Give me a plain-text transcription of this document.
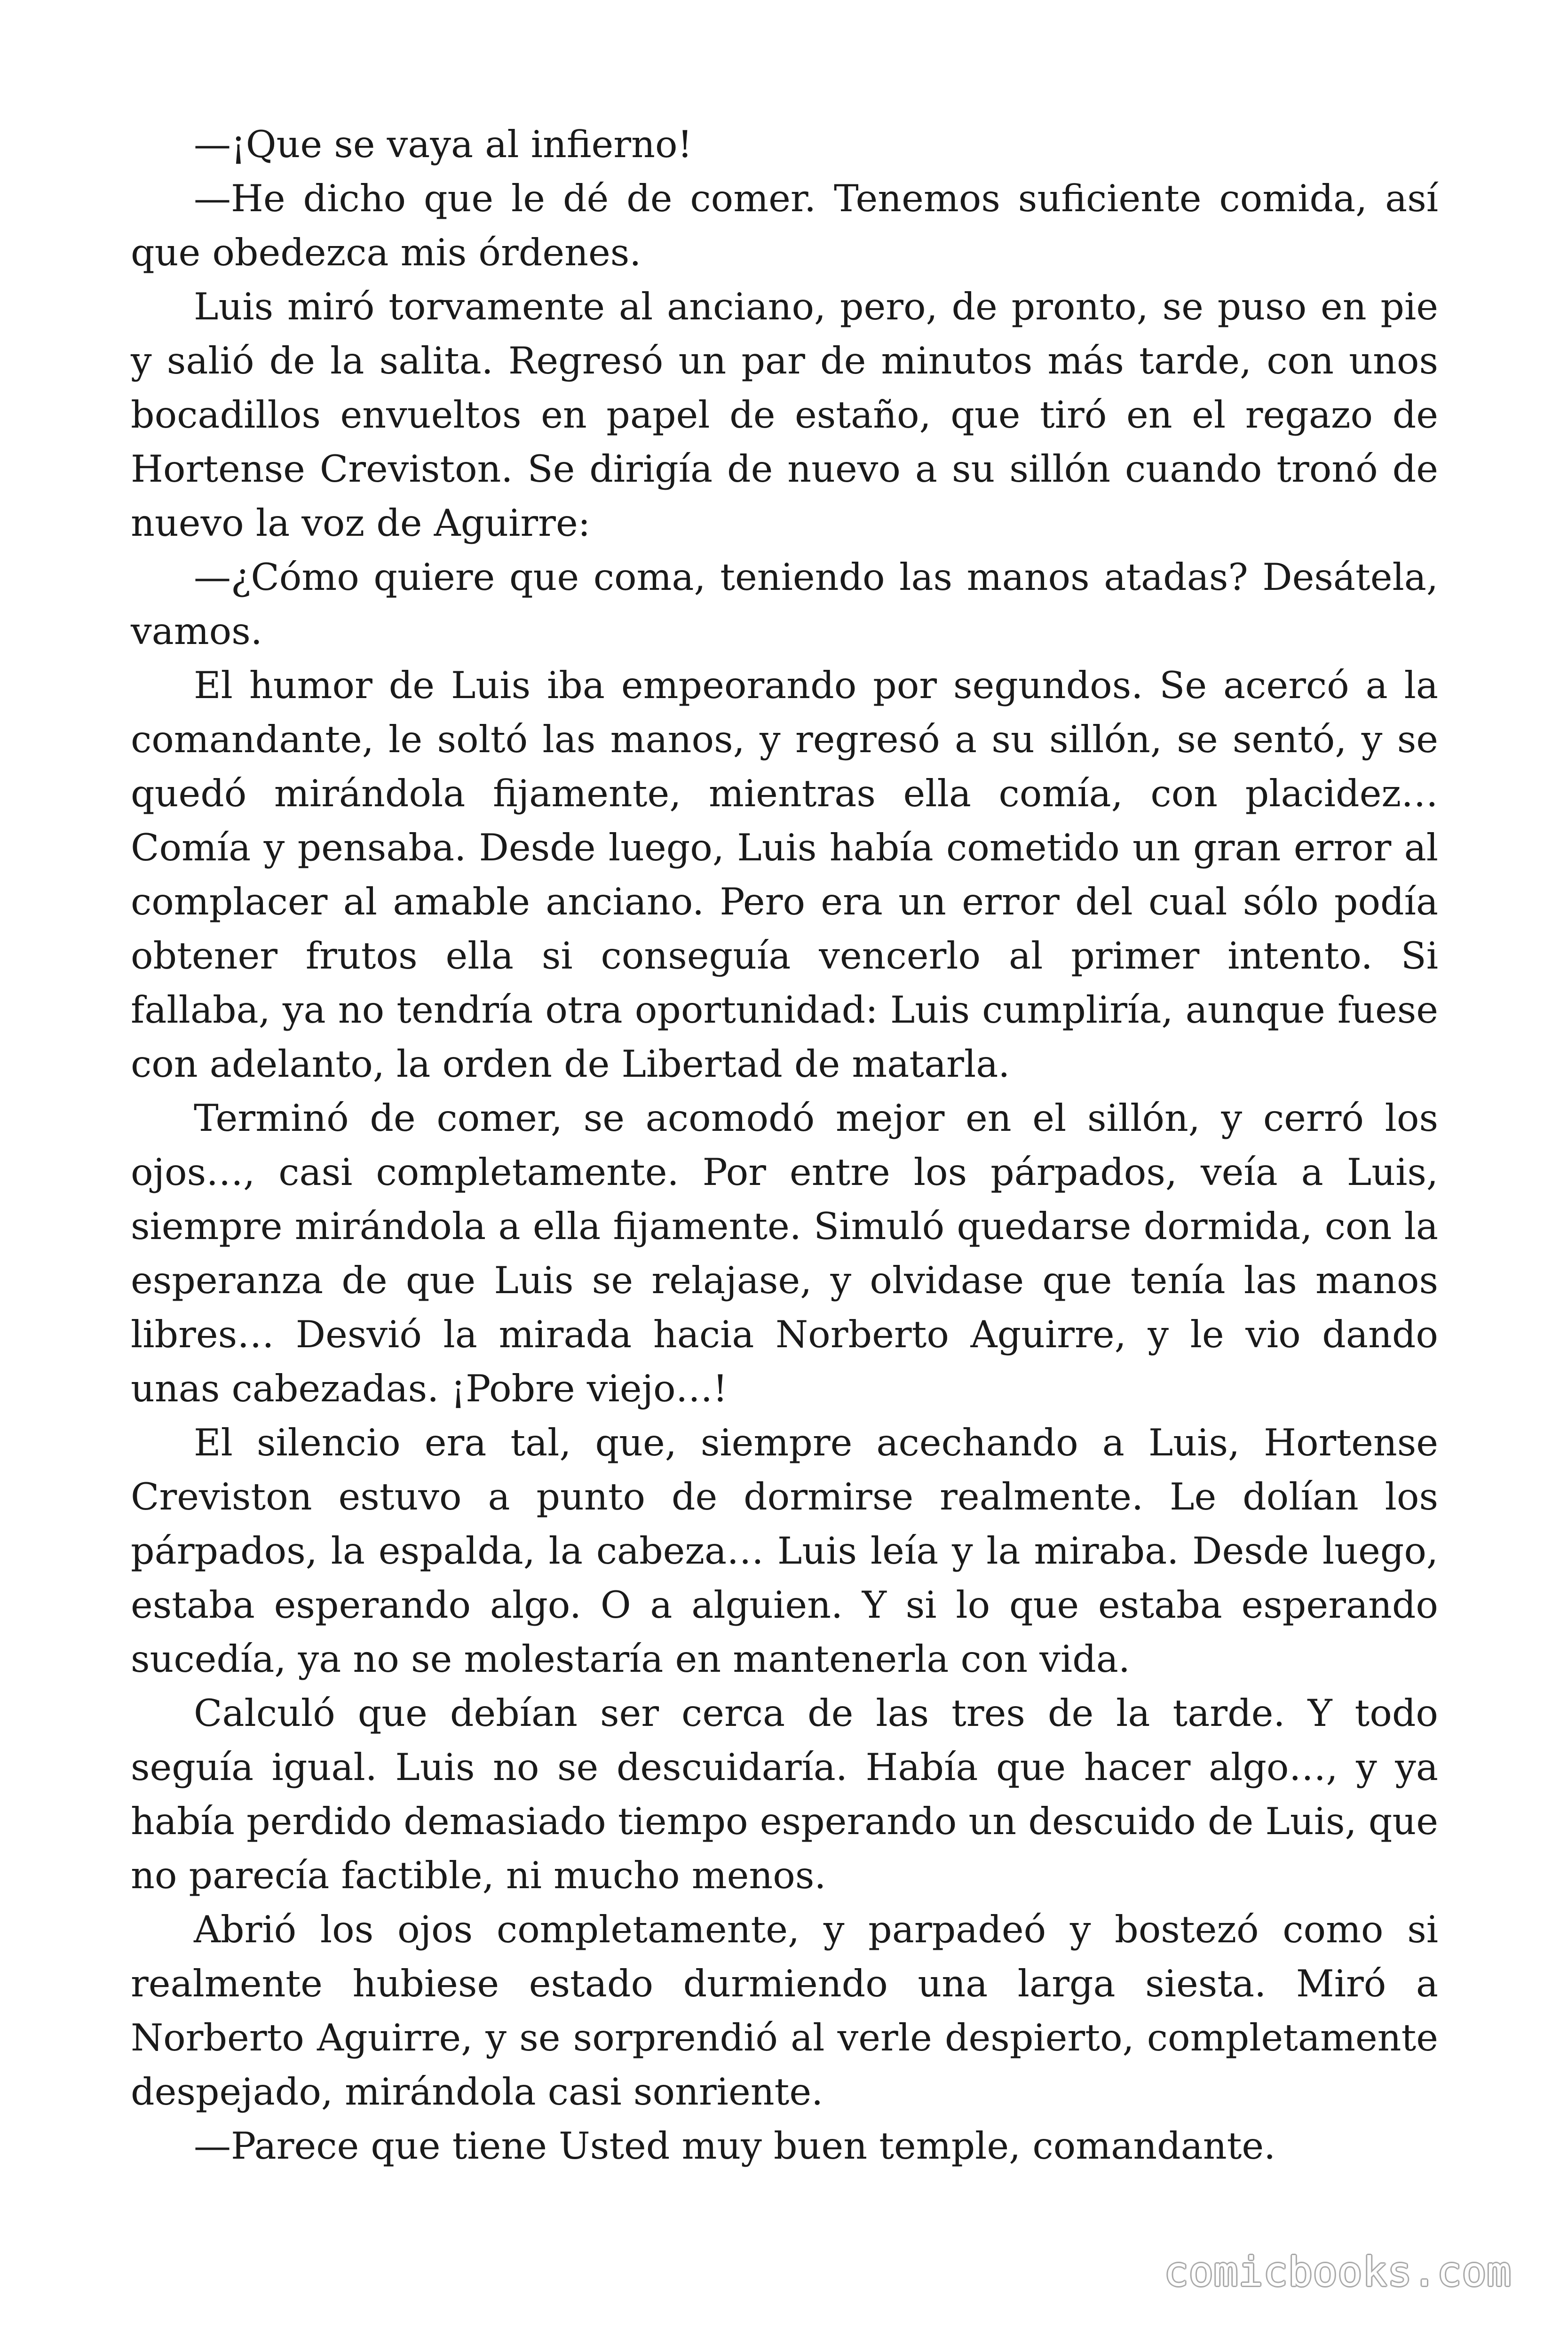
—¡Que se vaya al infierno!

—He dicho que le dé de comer. Tenemos suficiente comida, así que obedezca mis órdenes.

Luis miró torvamente al anciano, pero, de pronto, se puso en pie y salió de la salita. Regresó un par de minutos más tarde, con unos bocadillos envueltos en papel de estaño, que tiró en el regazo de Hortense Creviston. Se dirigía de nuevo a su sillón cuando tronó de nuevo la voz de Aguirre:

—¿Cómo quiere que coma, teniendo las manos atadas? Desátela, vamos.

El humor de Luis iba empeorando por segundos. Se acercó a la comandante, le soltó las manos, y regresó a su sillón, se sentó, y se quedó mirándola fijamente, mientras ella comía, con placidez… Comía y pensaba. Desde luego, Luis había cometido un gran error al complacer al amable anciano. Pero era un error del cual sólo podía obtener frutos ella si conseguía vencerlo al primer intento. Si fallaba, ya no tendría otra oportunidad: Luis cumpliría, aunque fuese con adelanto, la orden de Libertad de matarla.

Terminó de comer, se acomodó mejor en el sillón, y cerró los ojos…, casi completamente. Por entre los párpados, veía a Luis, siempre mirándola a ella fijamente. Simuló quedarse dormida, con la esperanza de que Luis se relajase, y olvidase que tenía las manos libres… Desvió la mirada hacia Norberto Aguirre, y le vio dando unas cabezadas. ¡Pobre viejo…!

El silencio era tal, que, siempre acechando a Luis, Hortense Creviston estuvo a punto de dormirse realmente. Le dolían los párpados, la espalda, la cabeza… Luis leía y la miraba. Desde luego, estaba esperando algo. O a alguien. Y si lo que estaba esperando sucedía, ya no se molestaría en mantenerla con vida.

Calculó que debían ser cerca de las tres de la tarde. Y todo seguía igual. Luis no se descuidaría. Había que hacer algo…, y ya había perdido demasiado tiempo esperando un descuido de Luis, que no parecía factible, ni mucho menos.

Abrió los ojos completamente, y parpadeó y bostezó como si realmente hubiese estado durmiendo una larga siesta. Miró a Norberto Aguirre, y se sorprendió al verle despierto, completamente despejado, mirándola casi sonriente.

—Parece que tiene Usted muy buen temple, comandante.

comicbooks.com
